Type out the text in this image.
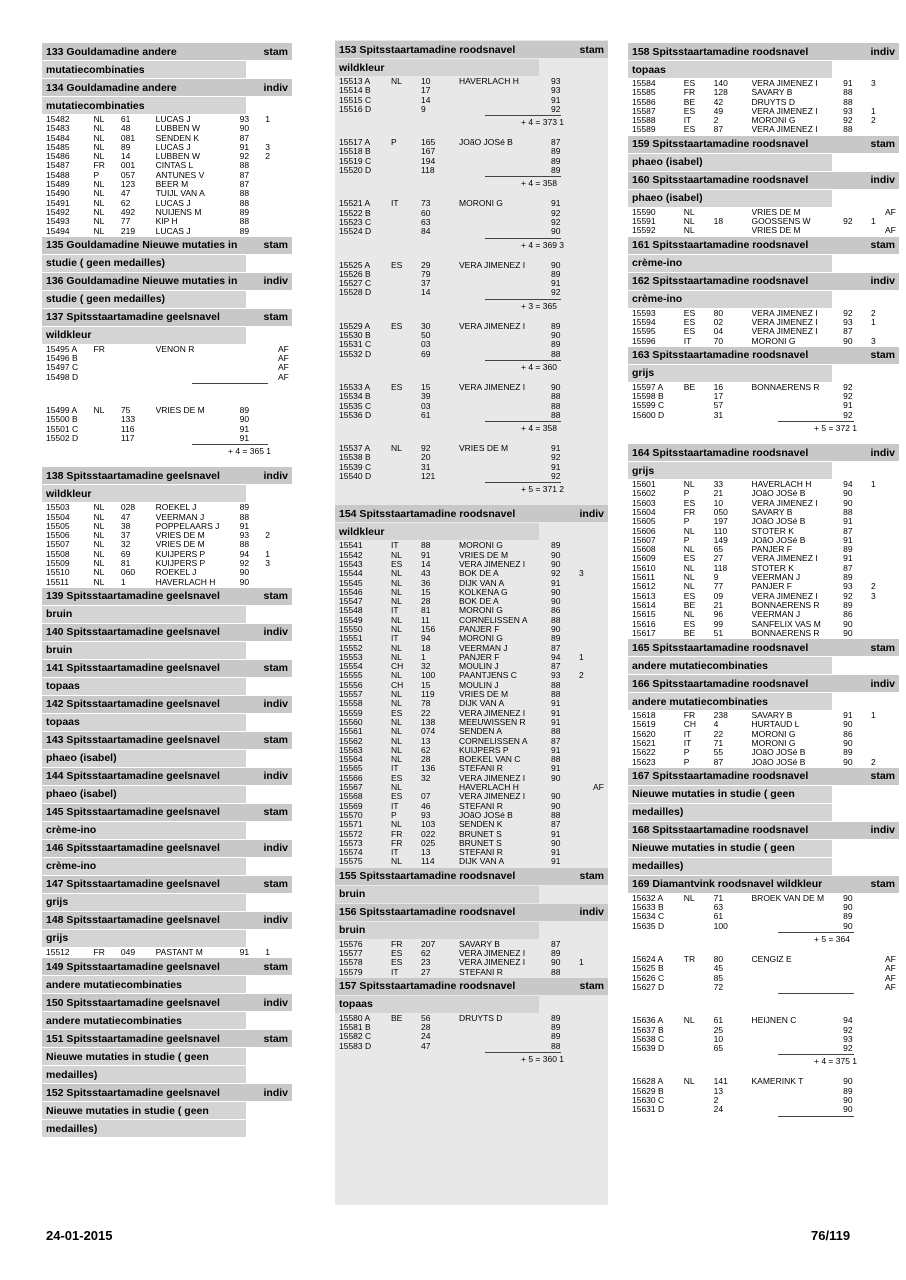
133 Gouldamadine andere	stam
mutatiecombinaties
134 Gouldamadine andere	indiv
mutatiecombinaties
15482	NL	61	LUCAS J	93	1
15483	NL	48	LUBBEN W	90
15484	NL	081	SENDEN K	87
15485	NL	89	LUCAS J	91	3
15486	NL	14	LUBBEN W	92	2
15487	FR	001	CINTAS L	88
15488	P	057	ANTUNES V	87
15489	NL	123	BEER M	87
15490	NL	47	TUIJL VAN A	88
15491	NL	62	LUCAS J	88
15492	NL	492	NUIJENS M	89
15493	NL	77	KIP H	88
15494	NL	219	LUCAS J	89
135 Gouldamadine Nieuwe mutaties in	stam
studie ( geen medailles)
136 Gouldamadine Nieuwe mutaties in	indiv
studie ( geen medailles)
137 Spitsstaartamadine geelsnavel	stam
wildkleur
15495 A	FR	VENON R	AF
15496 B	AF
15497 C	AF
15498 D	AF
15499 A	NL	75	VRIES DE M	89
15500 B	133	90
15501 C	116	91
15502 D	117	91
+ 4 = 365 1
138 Spitsstaartamadine geelsnavel	indiv
wildkleur
15503	NL	028	ROEKEL J	89
15504	NL	47	VEERMAN J	88
15505	NL	38	POPPELAARS J	91
15506	NL	37	VRIES DE M	93	2
15507	NL	32	VRIES DE M	88
15508	NL	69	KUIJPERS P	94	1
15509	NL	81	KUIJPERS P	92	3
15510	NL	060	ROEKEL J	90
15511	NL	1	HAVERLACH H	90
139 Spitsstaartamadine geelsnavel	stam
bruin
140 Spitsstaartamadine geelsnavel	indiv
bruin
141 Spitsstaartamadine geelsnavel	stam
topaas
142 Spitsstaartamadine geelsnavel	indiv
topaas
143 Spitsstaartamadine geelsnavel	stam
phaeo (isabel)
144 Spitsstaartamadine geelsnavel	indiv
phaeo (isabel)
145 Spitsstaartamadine geelsnavel	stam
crème-ino
146 Spitsstaartamadine geelsnavel	indiv
crème-ino
147 Spitsstaartamadine geelsnavel	stam
grijs
148 Spitsstaartamadine geelsnavel	indiv
grijs
15512	FR	049	PASTANT M	91	1
149 Spitsstaartamadine geelsnavel	stam
andere mutatiecombinaties
150 Spitsstaartamadine geelsnavel	indiv
andere mutatiecombinaties
151 Spitsstaartamadine geelsnavel	stam
Nieuwe mutaties in studie ( geen
medailles)
152 Spitsstaartamadine geelsnavel	indiv
Nieuwe mutaties in studie ( geen
medailles)
153 Spitsstaartamadine roodsnavel	stam
wildkleur
15513 A	NL	10	HAVERLACH H	93
15514 B	17	93
15515 C	14	91
15516 D	9	92
+ 4 = 373 1
15517 A	P	165	JOãO JOSé B	87
15518 B	167	89
15519 C	194	89
15520 D	118	89
+ 4 = 358
15521 A	IT	73	MORONI G	91
15522 B	60	92
15523 C	63	92
15524 D	84	90
+ 4 = 369 3
15525 A	ES	29	VERA JIMENEZ I	90
15526 B	79	89
15527 C	37	91
15528 D	14	92
+ 3 = 365
15529 A	ES	30	VERA JIMENEZ I	89
15530 B	50	90
15531 C	03	89
15532 D	69	88
+ 4 = 360
15533 A	ES	15	VERA JIMENEZ I	90
15534 B	39	88
15535 C	03	88
15536 D	61	88
+ 4 = 358
15537 A	NL	92	VRIES DE M	91
15538 B	20	92
15539 C	31	91
15540 D	121	92
+ 5 = 371 2
154 Spitsstaartamadine roodsnavel	indiv
wildkleur
15541	IT	88	MORONI G	89
15542	NL	91	VRIES DE M	90
15543	ES	14	VERA JIMENEZ I	90
15544	NL	43	BOK DE A	92	3
15545	NL	36	DIJK VAN A	91
15546	NL	15	KOLKENA G	90
15547	NL	28	BOK DE A	90
15548	IT	81	MORONI G	86
15549	NL	11	CORNELISSEN A	88
15550	NL	156	PANJER F	90
15551	IT	94	MORONI G	89
15552	NL	18	VEERMAN J	87
15553	NL	1	PANJER F	94	1
15554	CH	32	MOULIN J	87
15555	NL	100	PAANTJENS C	93	2
15556	CH	15	MOULIN J	88
15557	NL	119	VRIES DE M	88
15558	NL	78	DIJK VAN A	91
15559	ES	22	VERA JIMENEZ I	91
15560	NL	138	MEEUWISSEN R	91
15561	NL	074	SENDEN A	88
15562	NL	13	CORNELISSEN A	87
15563	NL	62	KUIJPERS P	91
15564	NL	28	BOEKEL VAN C	88
15565	IT	136	STEFANI R	91
15566	ES	32	VERA JIMENEZ I	90
15567	NL	HAVERLACH H	AF
15568	ES	07	VERA JIMENEZ I	90
15569	IT	46	STEFANI R	90
15570	P	93	JOãO JOSé B	88
15571	NL	103	SENDEN K	87
15572	FR	022	BRUNET S	91
15573	FR	025	BRUNET S	90
15574	IT	13	STEFANI R	91
15575	NL	114	DIJK VAN A	91
155 Spitsstaartamadine roodsnavel	stam
bruin
156 Spitsstaartamadine roodsnavel	indiv
bruin
15576	FR	207	SAVARY B	87
15577	ES	62	VERA JIMENEZ I	89
15578	ES	23	VERA JIMENEZ I	90	1
15579	IT	27	STEFANI R	88
157 Spitsstaartamadine roodsnavel	stam
topaas
15580 A	BE	56	DRUYTS D	89
15581 B	28	89
15582 C	24	89
15583 D	47	88
+ 5 = 360 1
158 Spitsstaartamadine roodsnavel	indiv
topaas
15584	ES	140	VERA JIMENEZ I	91	3
15585	FR	128	SAVARY B	88
15586	BE	42	DRUYTS D	88
15587	ES	49	VERA JIMENEZ I	93	1
15588	IT	2	MORONI G	92	2
15589	ES	87	VERA JIMENEZ I	88
159 Spitsstaartamadine roodsnavel	stam
phaeo (isabel)
160 Spitsstaartamadine roodsnavel	indiv
phaeo (isabel)
15590	NL	VRIES DE M	AF
15591	NL	18	GOOSSENS W	92	1
15592	NL	VRIES DE M	AF
161 Spitsstaartamadine roodsnavel	stam
crème-ino
162 Spitsstaartamadine roodsnavel	indiv
crème-ino
15593	ES	80	VERA JIMENEZ I	92	2
15594	ES	02	VERA JIMENEZ I	93	1
15595	ES	04	VERA JIMENEZ I	87
15596	IT	70	MORONI G	90	3
163 Spitsstaartamadine roodsnavel	stam
grijs
15597 A	BE	16	BONNAERENS R	92
15598 B	17	92
15599 C	57	91
15600 D	31	92
+ 5 = 372 1
164 Spitsstaartamadine roodsnavel	indiv
grijs
15601	NL	33	HAVERLACH H	94	1
15602	P	21	JOãO JOSé B	90
15603	ES	10	VERA JIMENEZ I	90
15604	FR	050	SAVARY B	88
15605	P	197	JOãO JOSé B	91
15606	NL	110	STOTER K	87
15607	P	149	JOãO JOSé B	91
15608	NL	65	PANJER F	89
15609	ES	27	VERA JIMENEZ I	91
15610	NL	118	STOTER K	87
15611	NL	9	VEERMAN J	89
15612	NL	77	PANJER F	93	2
15613	ES	09	VERA JIMENEZ I	92	3
15614	BE	21	BONNAERENS R	89
15615	NL	96	VEERMAN J	86
15616	ES	99	SANFELIX VAS M	90
15617	BE	51	BONNAERENS R	90
165 Spitsstaartamadine roodsnavel	stam
andere mutatiecombinaties
166 Spitsstaartamadine roodsnavel	indiv
andere mutatiecombinaties
15618	FR	238	SAVARY B	91	1
15619	CH	4	HURTAUD L	90
15620	IT	22	MORONI G	86
15621	IT	71	MORONI G	90
15622	P	55	JOãO JOSé B	89
15623	P	87	JOãO JOSé B	90	2
167 Spitsstaartamadine roodsnavel	stam
Nieuwe mutaties in studie ( geen
medailles)
168 Spitsstaartamadine roodsnavel	indiv
Nieuwe mutaties in studie ( geen
medailles)
169 Diamantvink roodsnavel wildkleur	stam
15632 A	NL	71	BROEK VAN DE M	90
15633 B	63	90
15634 C	61	89
15635 D	100	90
+ 5 = 364
15624 A	TR	80	CENGIZ E	AF
15625 B	45	AF
15626 C	85	AF
15627 D	72	AF
15636 A	NL	61	HEIJNEN C	94
15637 B	25	92
15638 C	10	93
15639 D	65	92
+ 4 = 375 1
15628 A	NL	141	KAMERINK T	90
15629 B	13	89
15630 C	2	90
15631 D	24	90
24-01-2015	76/119
